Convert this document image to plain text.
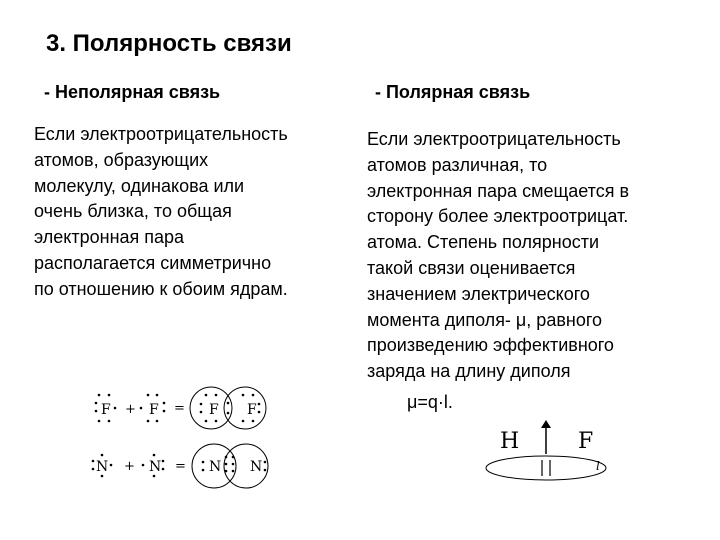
3. Полярность связи
- Неполярная связь	- Полярная связь
Если электроотрицательность
атомов, образующих
молекулу, одинакова или
очень близка, то общая
электронная пара
располагается симметрично
по отношению к обоим ядрам.
Если электроотрицательность
атомов различная, то
электронная пара смещается в
сторону более электроотрицат.
атома. Степень полярности
такой связи оценивается
значением электрического
момента диполя- μ, равного
произведению эффективного
заряда на длину диполя
μ=q·l.
F + F = F F
N + N = N N
H	F
l
